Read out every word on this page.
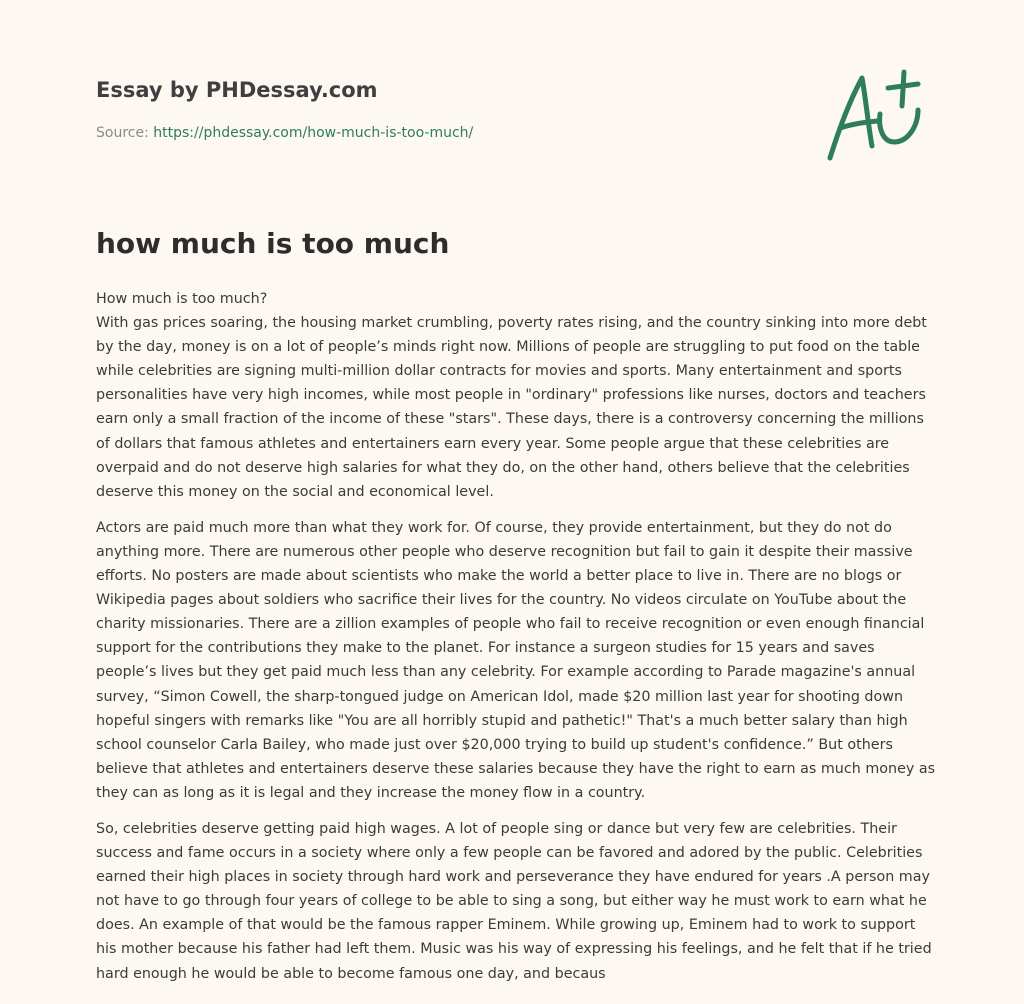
Essay by PHDessay.com
Source: https://phdessay.com/how-much-is-too-much/
how much is too much

How much is too much?
With gas prices soaring, the housing market crumbling, poverty rates rising, and the country sinking into more debt by the day, money is on a lot of people’s minds right now. Millions of people are struggling to put food on the table while celebrities are signing multi-million dollar contracts for movies and sports. Many entertainment and sports personalities have very high incomes, while most people in "ordinary" professions like nurses, doctors and teachers earn only a small fraction of the income of these "stars". These days, there is a controversy concerning the millions of dollars that famous athletes and entertainers earn every year. Some people argue that these celebrities are overpaid and do not deserve high salaries for what they do, on the other hand, others believe that the celebrities deserve this money on the social and economical level.

Actors are paid much more than what they work for. Of course, they provide entertainment, but they do not do anything more. There are numerous other people who deserve recognition but fail to gain it despite their massive efforts. No posters are made about scientists who make the world a better place to live in. There are no blogs or Wikipedia pages about soldiers who sacrifice their lives for the country. No videos circulate on YouTube about the charity missionaries. There are a zillion examples of people who fail to receive recognition or even enough financial support for the contributions they make to the planet. For instance a surgeon studies for 15 years and saves people’s lives but they get paid much less than any celebrity. For example according to Parade magazine's annual survey, “Simon Cowell, the sharp-tongued judge on American Idol, made $20 million last year for shooting down hopeful singers with remarks like "You are all horribly stupid and pathetic!" That's a much better salary than high school counselor Carla Bailey, who made just over $20,000 trying to build up student's confidence.” But others believe that athletes and entertainers deserve these salaries because they have the right to earn as much money as they can as long as it is legal and they increase the money flow in a country.

So, celebrities deserve getting paid high wages. A lot of people sing or dance but very few are celebrities. Their success and fame occurs in a society where only a few people can be favored and adored by the public. Celebrities earned their high places in society through hard work and perseverance they have endured for years .A person may not have to go through four years of college to be able to sing a song, but either way he must work to earn what he does. An example of that would be the famous rapper Eminem. While growing up, Eminem had to work to support his mother because his father had left them. Music was his way of expressing his feelings, and he felt that if he tried hard enough he would be able to become famous one day, and becaus
